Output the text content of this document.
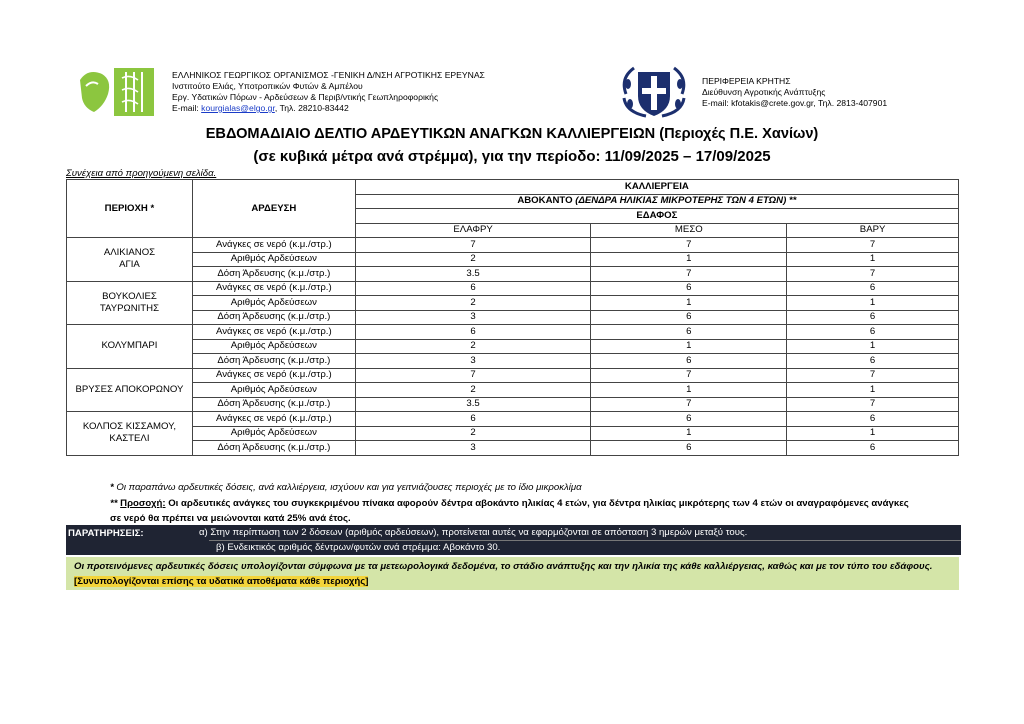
ΕΛΛΗΝΙΚΟΣ ΓΕΩΡΓΙΚΟΣ ΟΡΓΑΝΙΣΜΟΣ -ΓΕΝΙΚΗ Δ/ΝΣΗ ΑΓΡΟΤΙΚΗΣ ΕΡΕΥΝΑΣ
Ινστιτούτο Ελιάς, Υποτροπικών Φυτών & Αμπέλου
Εργ. Υδατικών Πόρων - Αρδεύσεων & Περιβ/ντικής Γεωπληροφορικής
E-mail: kourgialas@elgo.gr, Τηλ. 28210-83442
ΠΕΡΙΦΕΡΕΙΑ ΚΡΗΤΗΣ
Διεύθυνση Αγροτικής Ανάπτυξης
E-mail: kfotakis@crete.gov.gr, Τηλ. 2813-407901
ΕΒΔΟΜΑΔΙΑΙΟ ΔΕΛΤΙΟ ΑΡΔΕΥΤΙΚΩΝ ΑΝΑΓΚΩΝ ΚΑΛΛΙΕΡΓΕΙΩΝ (Περιοχές Π.Ε. Χανίων)
(σε κυβικά μέτρα ανά στρέμμα), για την περίοδο: 11/09/2025 – 17/09/2025
Συνέχεια από προηγούμενη σελίδα.
ΠΕΡΙΟΧΗ *	ΑΡΔΕΥΣΗ	ΚΑΛΛΙΕΡΓΕΙΑ		
		ΑΒΟΚΑΝΤΟ (ΔΕΝΔΡΑ ΗΛΙΚΙΑΣ ΜΙΚΡΟΤΕΡΗΣ ΤΩΝ 4 ΕΤΩΝ) **		
		ΕΔΑΦΟΣ		
		ΕΛΑΦΡΥ	ΜΕΣΟ	ΒΑΡΥ

ΑΛΙΚΙΑΝΟΣ
ΑΓΙΑ	Ανάγκες σε νερό (κ.μ./στρ.)	7	7	7
	Αριθμός Αρδεύσεων	2	1	1
	Δόση Άρδευσης (κ.μ./στρ.)	3.5	7	7

ΒΟΥΚΟΛΙΕΣ
ΤΑΥΡΩΝΙΤΗΣ	Ανάγκες σε νερό (κ.μ./στρ.)	6	6	6
	Αριθμός Αρδεύσεων	2	1	1
	Δόση Άρδευσης (κ.μ./στρ.)	3	6	6

ΚΟΛΥΜΠΑΡΙ	Ανάγκες σε νερό (κ.μ./στρ.)	6	6	6
	Αριθμός Αρδεύσεων	2	1	1
	Δόση Άρδευσης (κ.μ./στρ.)	3	6	6

ΒΡΥΣΕΣ ΑΠΟΚΟΡΩΝΟΥ	Ανάγκες σε νερό (κ.μ./στρ.)	7	7	7
	Αριθμός Αρδεύσεων	2	1	1
	Δόση Άρδευσης (κ.μ./στρ.)	3.5	7	7

ΚΟΛΠΟΣ ΚΙΣΣΑΜΟΥ,
ΚΑΣΤΕΛΙ	Ανάγκες σε νερό (κ.μ./στρ.)	6	6	6
	Αριθμός Αρδεύσεων	2	1	1
	Δόση Άρδευσης (κ.μ./στρ.)	3	6	6
* Οι παραπάνω αρδευτικές δόσεις, ανά καλλιέργεια, ισχύουν και για γειτνιάζουσες περιοχές με το ίδιο μικροκλίμα
** Προσοχή: Οι αρδευτικές ανάγκες του συγκεκριμένου πίνακα αφορούν δέντρα αβοκάντο ηλικίας 4 ετών, για δέντρα ηλικίας μικρότερης των 4 ετών οι αναγραφόμενες ανάγκες σε νερό θα πρέπει να μειώνονται κατά 25% ανά έτος.
ΠΑΡΑΤΗΡΗΣΕΙΣ:	α) Στην περίπτωση των 2 δόσεων (αριθμός αρδεύσεων), προτείνεται αυτές να εφαρμόζονται σε απόσταση 3 ημερών μεταξύ τους.
β) Ενδεικτικός αριθμός δέντρων/φυτών ανά στρέμμα: Αβοκάντο 30.
Οι προτεινόμενες αρδευτικές δόσεις υπολογίζονται σύμφωνα με τα μετεωρολογικά δεδομένα, το στάδιο ανάπτυξης και την ηλικία της κάθε καλλιέργειας, καθώς και με τον τύπο του εδάφους. [Συνυπολογίζονται επίσης τα υδατικά αποθέματα κάθε περιοχής]
